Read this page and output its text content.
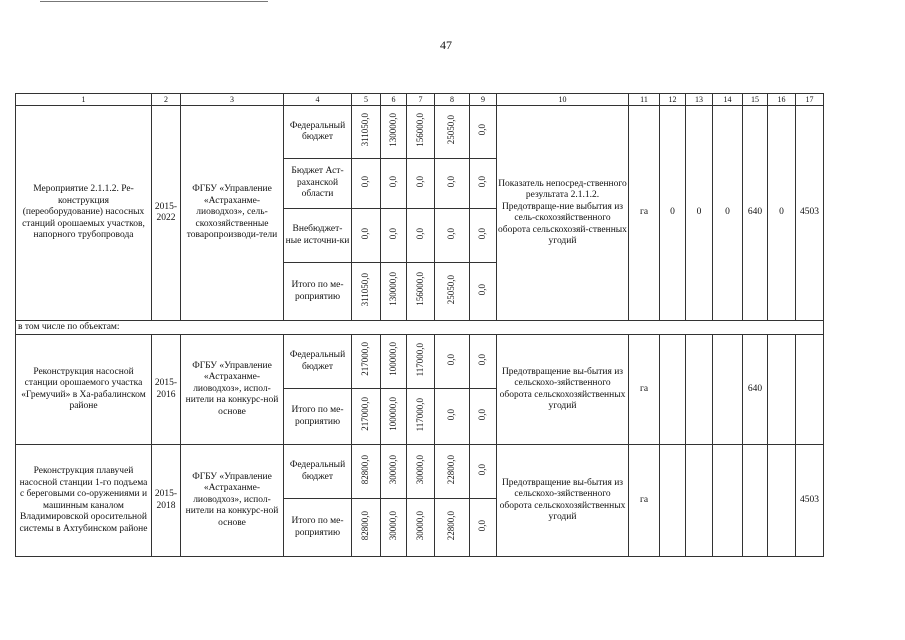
47
1	2	3	4	5	6	7	8	9	10	11	12	13	14	15	16	17
Мероприятие 2.1.1.2. Ре-конструкция (переоборудование) насосных станций орошаемых участков, напорного трубопровода	2015-2022	ФГБУ «Управление «Астраханме-лиоводхоз», сель-скохозяйственные товаропроизводи-тели	Федеральный бюджет	311050,0	130000,0	156000,0	25050,0	0,0	Показатель непосред-ственного результата 2.1.1.2. Предотвраще-ние выбытия из сель-скохозяйственного оборота сельскохозяй-ственных угодий	га	0	0	0	640	0	4503
			Бюджет Аст-раханской области	0,0	0,0	0,0	0,0	0,0								
			Внебюджет-ные источни-ки	0,0	0,0	0,0	0,0	0,0								
			Итого по ме-роприятию	311050,0	130000,0	156000,0	25050,0	0,0								
в том числе по объектам:																
Реконструкция насосной станции орошаемого участка «Гремучий» в Ха-рабалинском районе	2015-2016	ФГБУ «Управление «Астраханме-лиоводхоз», испол-нители на конкурс-ной основе	Федеральный бюджет	217000,0	100000,0	117000,0	0,0	0,0	Предотвращение вы-бытия из сельскохо-зяйственного оборота сельскохозяйственных угодий	га				640		
			Итого по ме-роприятию	217000,0	100000,0	117000,0	0,0	0,0								
Реконструкция плавучей насосной станции 1-го подъема с береговыми со-оружениями и машинным каналом Владимировской оросительной системы в Ахтубинском районе	2015-2018	ФГБУ «Управление «Астраханме-лиоводхоз», испол-нители на конкурс-ной основе	Федеральный бюджет	82800,0	30000,0	30000,0	22800,0	0,0	Предотвращение вы-бытия из сельскохо-зяйственного оборота сельскохозяйственных угодий	га						4503
			Итого по ме-роприятию	82800,0	30000,0	30000,0	22800,0	0,0								
